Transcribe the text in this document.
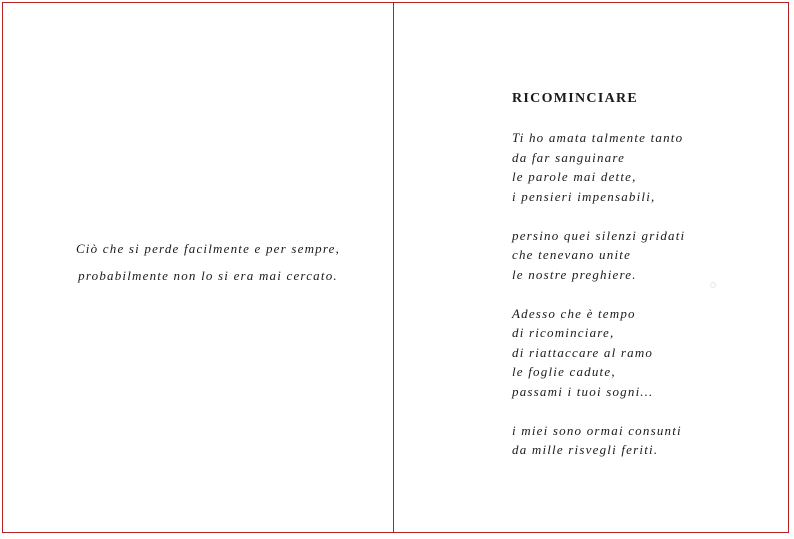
Ciò che si perde facilmente e per sempre,
probabilmente non lo si era mai cercato.
RICOMINCIARE
Ti ho amata talmente tanto
da far sanguinare
le parole mai dette,
i pensieri impensabili,
persino quei silenzi gridati
che tenevano unite
le nostre preghiere.
Adesso che è tempo
di ricominciare,
di riattaccare al ramo
le foglie cadute,
passami i tuoi sogni…
i miei sono ormai consunti
da mille risvegli feriti.
